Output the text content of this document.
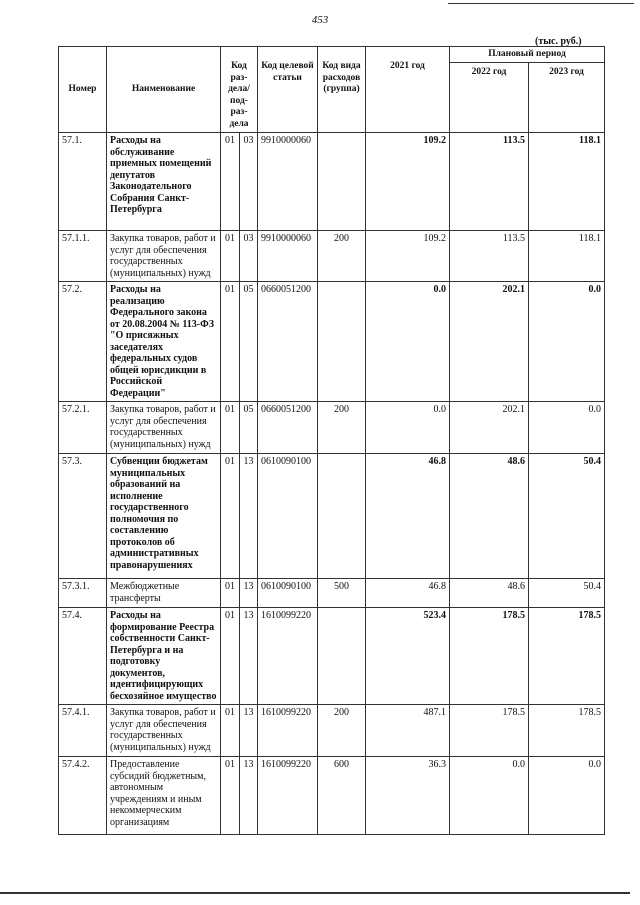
453
(тыс. руб.)
Номер	Наименование	Код раз-дела/ под-раз-дела		Код целевой статьи	Код вида расходов (группа)	2021 год	Плановый период	
							2022 год	2023 год
57.1.	Расходы на обслуживание приемных помещений депутатов Законодательного Собрания Санкт-Петербурга	01	03	9910000060		109.2	113.5	118.1
57.1.1.	Закупка товаров, работ и услуг для обеспечения государственных (муниципальных) нужд	01	03	9910000060	200	109.2	113.5	118.1
57.2.	Расходы на реализацию Федерального закона от 20.08.2004 № 113-ФЗ "О присяжных заседателях федеральных судов общей юрисдикции в Российской Федерации"	01	05	0660051200		0.0	202.1	0.0
57.2.1.	Закупка товаров, работ и услуг для обеспечения государственных (муниципальных) нужд	01	05	0660051200	200	0.0	202.1	0.0
57.3.	Субвенции бюджетам муниципальных образований на исполнение государственного полномочия по составлению протоколов об административных правонарушениях	01	13	0610090100		46.8	48.6	50.4
57.3.1.	Межбюджетные трансферты	01	13	0610090100	500	46.8	48.6	50.4
57.4.	Расходы на формирование Реестра собственности Санкт-Петербурга и на подготовку документов, идентифицирующих бесхозяйное имущество	01	13	1610099220		523.4	178.5	178.5
57.4.1.	Закупка товаров, работ и услуг для обеспечения государственных (муниципальных) нужд	01	13	1610099220	200	487.1	178.5	178.5
57.4.2.	Предоставление субсидий бюджетным, автономным учреждениям и иным некоммерческим организациям	01	13	1610099220	600	36.3	0.0	0.0
